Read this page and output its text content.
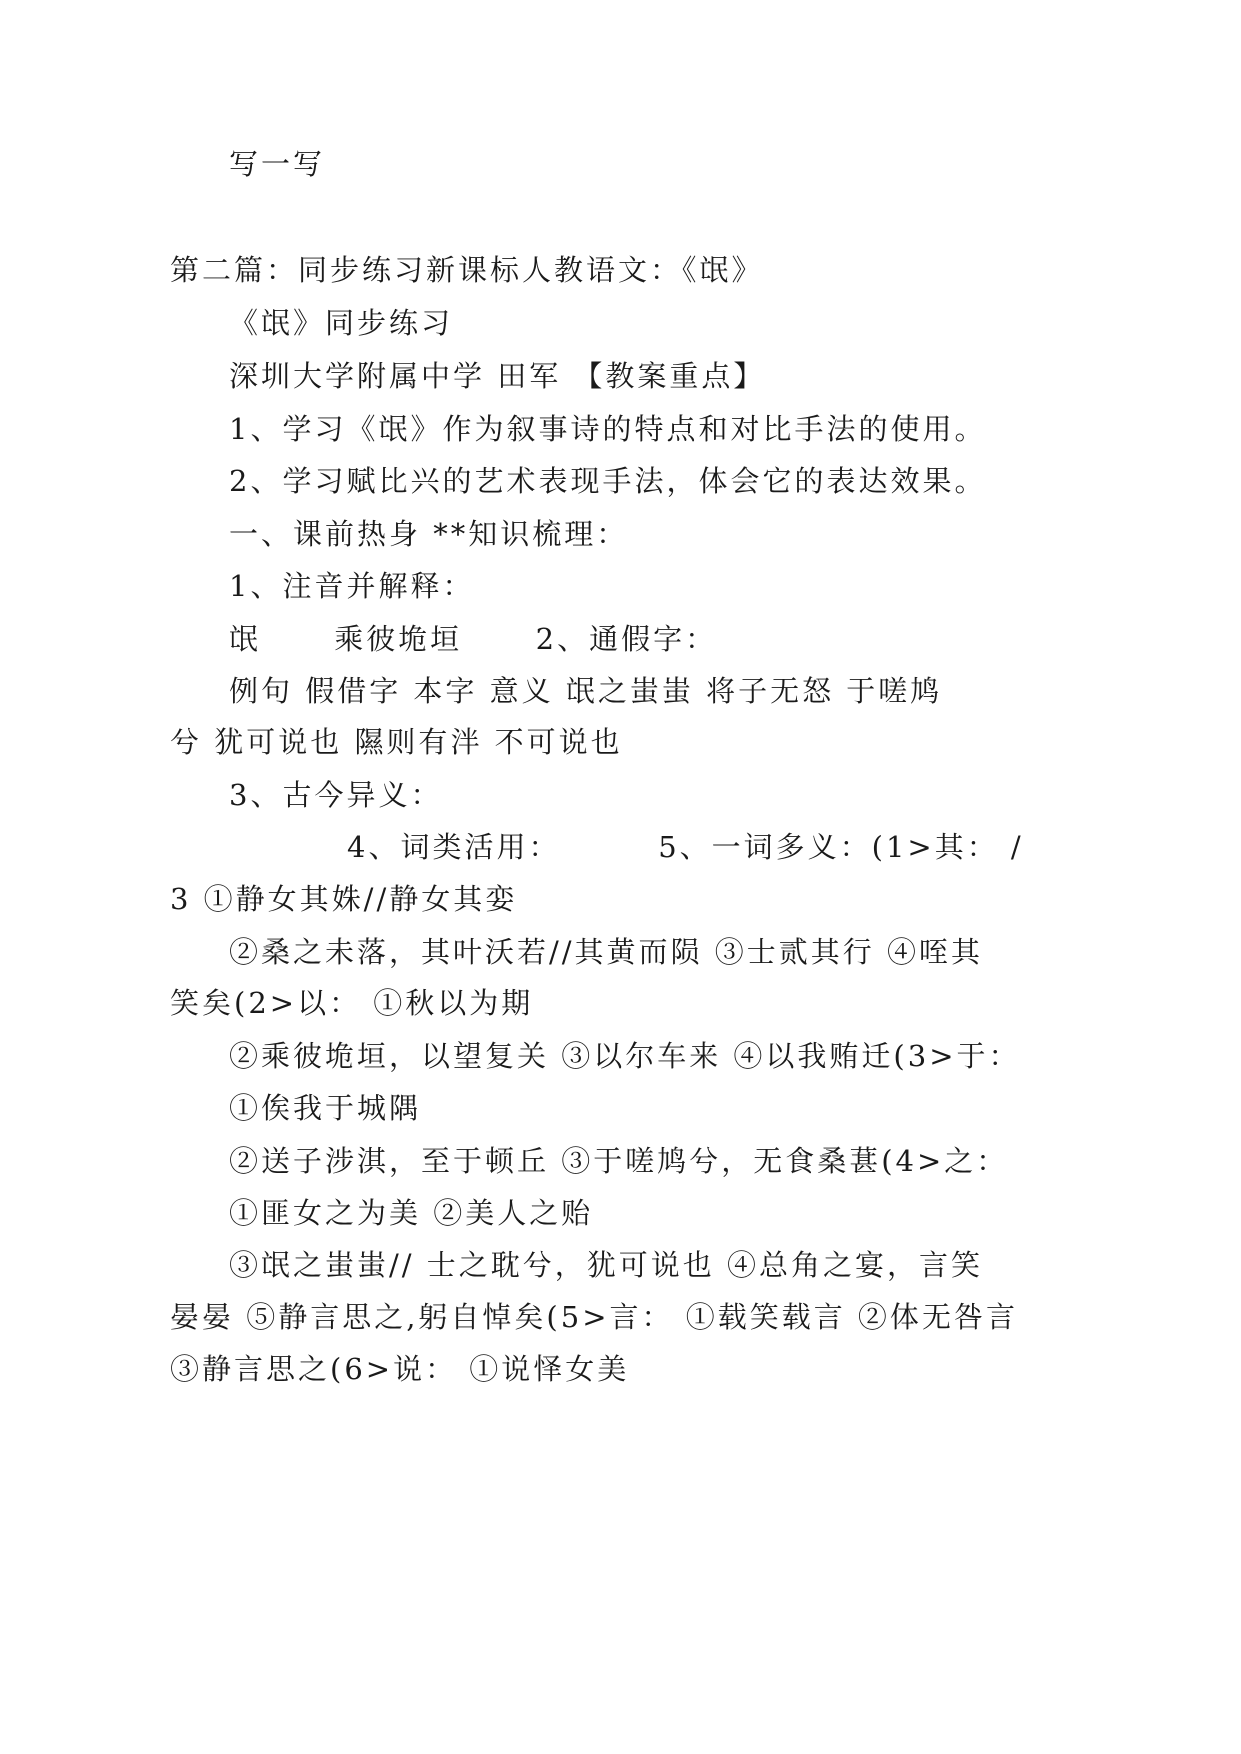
写一写
第二篇：同步练习新课标人教语文：《氓》
《氓》同步练习
深圳大学附属中学 田军 【教案重点】
1、学习《氓》作为叙事诗的特点和对比手法的使用。
2、学习赋比兴的艺术表现手法，体会它的表达效果。
一、课前热身 **知识梳理：
1、注音并解释：
氓      乘彼垝垣      2、通假字：
例句 假借字 本字 意义 氓之蚩蚩 将子无怒 于嗟鸠
兮 犹可说也 隰则有泮 不可说也
3、古今异义：
4、词类活用：        5、一词多义：(1>其： /
3 ①静女其姝//静女其娈
②桑之未落，其叶沃若//其黄而陨 ③士贰其行 ④咥其
笑矣(2>以： ①秋以为期
②乘彼垝垣，以望复关 ③以尔车来 ④以我贿迁(3>于：
①俟我于城隅
②送子涉淇，至于顿丘 ③于嗟鸠兮，无食桑葚(4>之：
①匪女之为美 ②美人之贻
③氓之蚩蚩// 士之耽兮，犹可说也 ④总角之宴，言笑
晏晏 ⑤静言思之,躬自悼矣(5>言： ①载笑载言 ②体无咎言
③静言思之(6>说： ①说怿女美
